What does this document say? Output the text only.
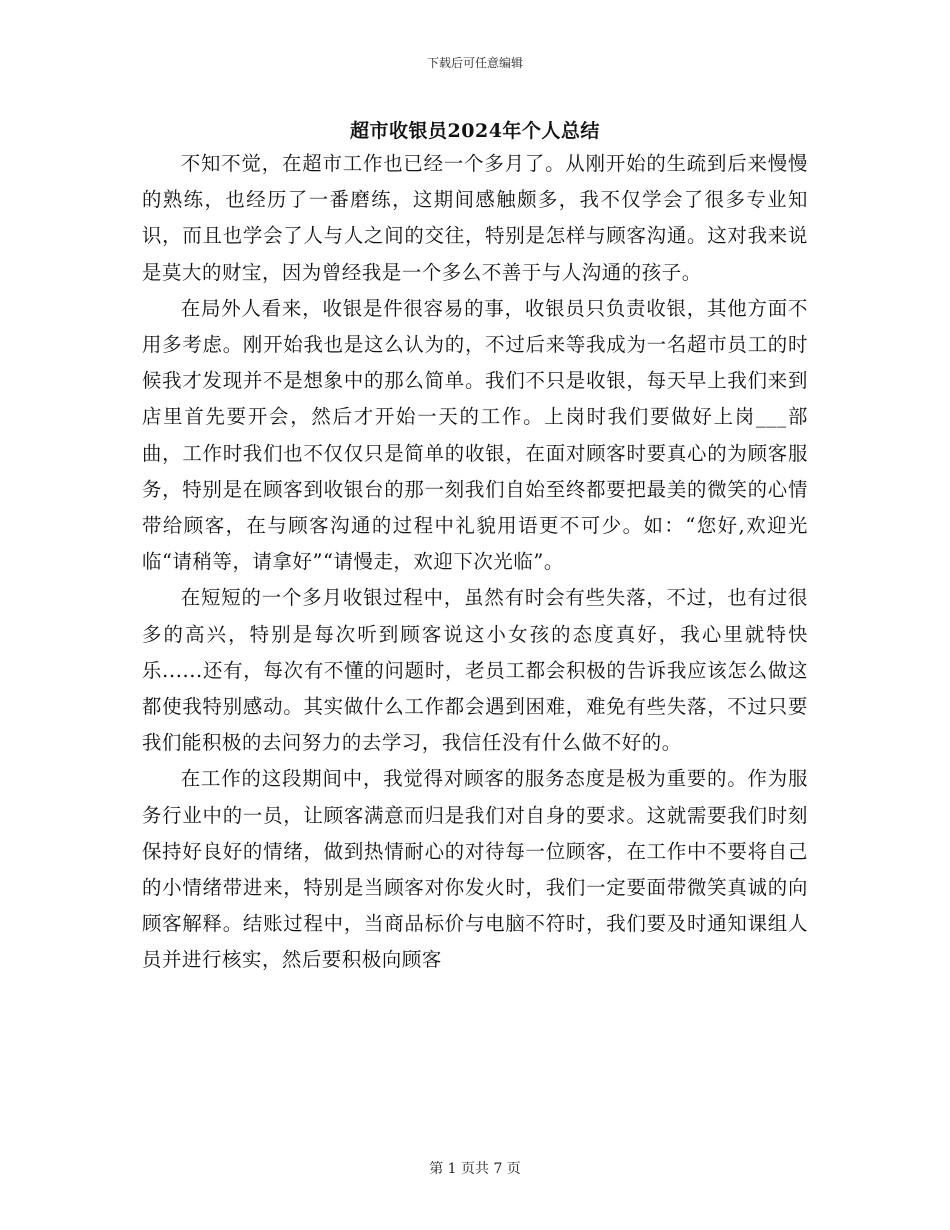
下载后可任意编辑
超市收银员2024年个人总结

不知不觉，在超市工作也已经一个多月了。从刚开始的生疏到后来慢慢的熟练，也经历了一番磨练，这期间感触颇多，我不仅学会了很多专业知识，而且也学会了人与人之间的交往，特别是怎样与顾客沟通。这对我来说是莫大的财宝，因为曾经我是一个多么不善于与人沟通的孩子。

在局外人看来，收银是件很容易的事，收银员只负责收银，其他方面不用多考虑。刚开始我也是这么认为的，不过后来等我成为一名超市员工的时候我才发现并不是想象中的那么简单。我们不只是收银，每天早上我们来到店里首先要开会，然后才开始一天的工作。上岗时我们要做好上岗___部曲，工作时我们也不仅仅只是简单的收银，在面对顾客时要真心的为顾客服务，特别是在顾客到收银台的那一刻我们自始至终都要把最美的微笑的心情带给顾客，在与顾客沟通的过程中礼貌用语更不可少。如：“您好,欢迎光临“请稍等，请拿好”“请慢走，欢迎下次光临”。

在短短的一个多月收银过程中，虽然有时会有些失落，不过，也有过很多的高兴，特别是每次听到顾客说这小女孩的态度真好，我心里就特快乐......还有，每次有不懂的问题时，老员工都会积极的告诉我应该怎么做这都使我特别感动。其实做什么工作都会遇到困难，难免有些失落，不过只要我们能积极的去问努力的去学习，我信任没有什么做不好的。

在工作的这段期间中，我觉得对顾客的服务态度是极为重要的。作为服务行业中的一员，让顾客满意而归是我们对自身的要求。这就需要我们时刻保持好良好的情绪，做到热情耐心的对待每一位顾客，在工作中不要将自己的小情绪带进来，特别是当顾客对你发火时，我们一定要面带微笑真诚的向顾客解释。结账过程中，当商品标价与电脑不符时，我们要及时通知课组人员并进行核实，然后要积极向顾客

第 1 页共 7 页
